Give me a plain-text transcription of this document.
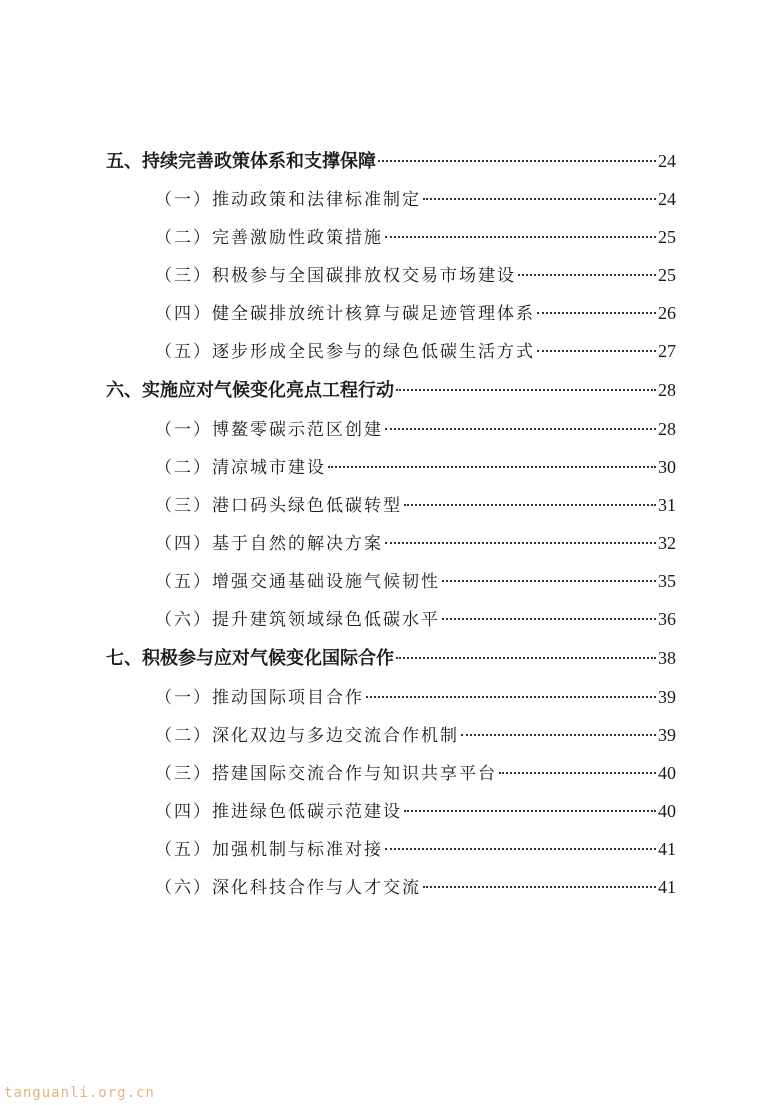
五、持续完善政策体系和支撑保障	24
（一）推动政策和法律标准制定	24
（二）完善激励性政策措施	25
（三）积极参与全国碳排放权交易市场建设	25
（四）健全碳排放统计核算与碳足迹管理体系	26
（五）逐步形成全民参与的绿色低碳生活方式	27
六、实施应对气候变化亮点工程行动	28
（一）博鳌零碳示范区创建	28
（二）清凉城市建设	30
（三）港口码头绿色低碳转型	31
（四）基于自然的解决方案	32
（五）增强交通基础设施气候韧性	35
（六）提升建筑领域绿色低碳水平	36
七、积极参与应对气候变化国际合作	38
（一）推动国际项目合作	39
（二）深化双边与多边交流合作机制	39
（三）搭建国际交流合作与知识共享平台	40
（四）推进绿色低碳示范建设	40
（五）加强机制与标准对接	41
（六）深化科技合作与人才交流	41
tanguanli.org.cn
